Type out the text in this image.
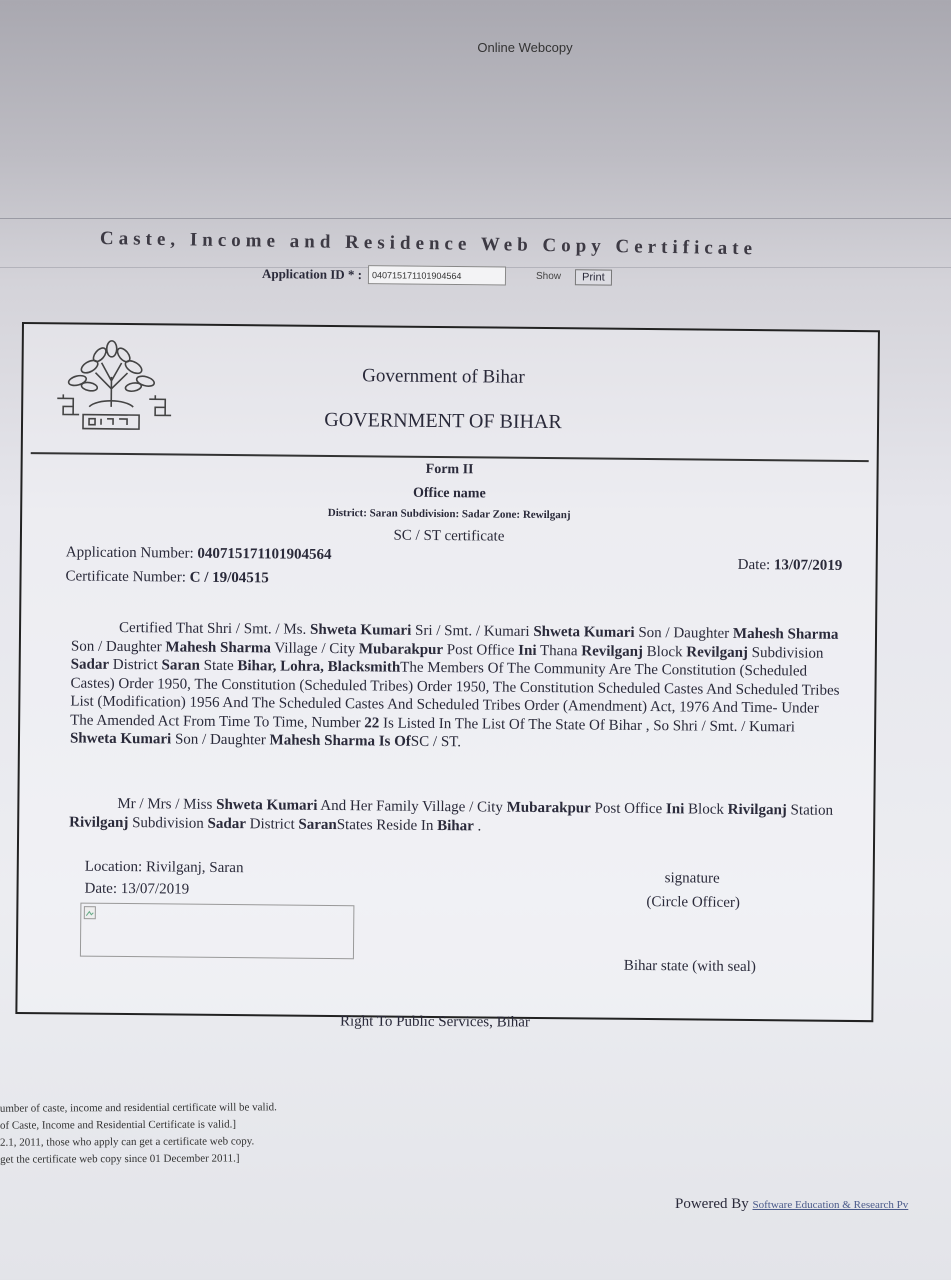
Online Webcopy
Caste, Income and Residence Web Copy Certificate
Application ID * :
040715171101904564	Show	Print
Government of Bihar
GOVERNMENT OF BIHAR
Form II
Office name
District: Saran Subdivision: Sadar Zone: Rewilganj
SC / ST certificate
Application Number: 040715171101904564
Certificate Number: C / 19/04515
Date: 13/07/2019
Certified That Shri / Smt. / Ms. Shweta Kumari Sri / Smt. / Kumari Shweta Kumari Son / Daughter Mahesh Sharma Son / Daughter Mahesh Sharma Village / City Mubarakpur Post Office Ini Thana Revilganj Block Revilganj Subdivision Sadar District Saran State Bihar, Lohra, BlacksmithThe Members Of The Community Are The Constitution (Scheduled Castes) Order 1950, The Constitution (Scheduled Tribes) Order 1950, The Constitution Scheduled Castes And Scheduled Tribes List (Modification) 1956 And The Scheduled Castes And Scheduled Tribes Order (Amendment) Act, 1976 And Time- Under The Amended Act From Time To Time, Number 22 Is Listed In The List Of The State Of Bihar , So Shri / Smt. / Kumari Shweta Kumari Son / Daughter Mahesh Sharma Is OfSC / ST.
Mr / Mrs / Miss Shweta Kumari And Her Family Village / City Mubarakpur Post Office Ini Block Rivilganj Station Rivilganj Subdivision Sadar District SaranStates Reside In Bihar .
Location: Rivilganj, Saran
Date: 13/07/2019
signature
(Circle Officer)
Bihar state (with seal)
Right To Public Services, Bihar
umber of caste, income and residential certificate will be valid.
of Caste, Income and Residential Certificate is valid.]
2.1, 2011, those who apply can get a certificate web copy.
get the certificate web copy since 01 December 2011.]
Powered By Software Education & Research Pv
